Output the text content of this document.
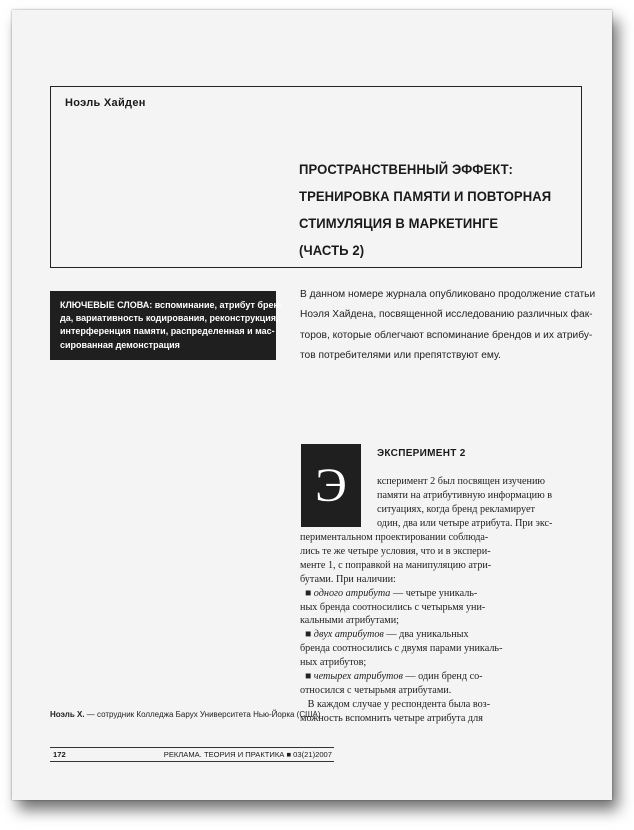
Ноэль Хайден
ПРОСТРАНСТВЕННЫЙ ЭФФЕКТ:
ТРЕНИРОВКА ПАМЯТИ И ПОВТОРНАЯ
СТИМУЛЯЦИЯ В МАРКЕТИНГЕ
(ЧАСТЬ 2)
КЛЮЧЕВЫЕ СЛОВА: вспоминание, атрибут брен-
да, вариативность кодирования, реконструкция,
интерференция памяти, распределенная и мас-
сированная демонстрация
В данном номере журнала опубликовано продолжение статьи
Ноэля Хайдена, посвященной исследованию различных фак-
торов, которые облегчают вспоминание брендов и их атрибу-
тов потребителями или препятствуют ему.
Э
ЭКСПЕРИМЕНТ 2
ксперимент 2 был посвящен изучению
памяти на атрибутивную информацию в
ситуациях, когда бренд рекламирует
один, два или четыре атрибута. При экс-
периментальном проектировании соблюда-
лись те же четыре условия, что и в экспери-
менте 1, с поправкой на манипуляцию атри-
бутами. При наличии:
■ одного атрибута — четыре уникаль-
ных бренда соотносились с четырьмя уни-
кальными атрибутами;
■ двух атрибутов — два уникальных
бренда соотносились с двумя парами уникаль-
ных атрибутов;
■ четырех атрибутов — один бренд со-
относился с четырьмя атрибутами.
В каждом случае у респондента была воз-
можность вспомнить четыре атрибута для
Ноэль Х. — сотрудник Колледжа Барух Университета Нью-Йорка (США)
172	РЕКЛАМА. ТЕОРИЯ И ПРАКТИКА ■ 03(21)2007
